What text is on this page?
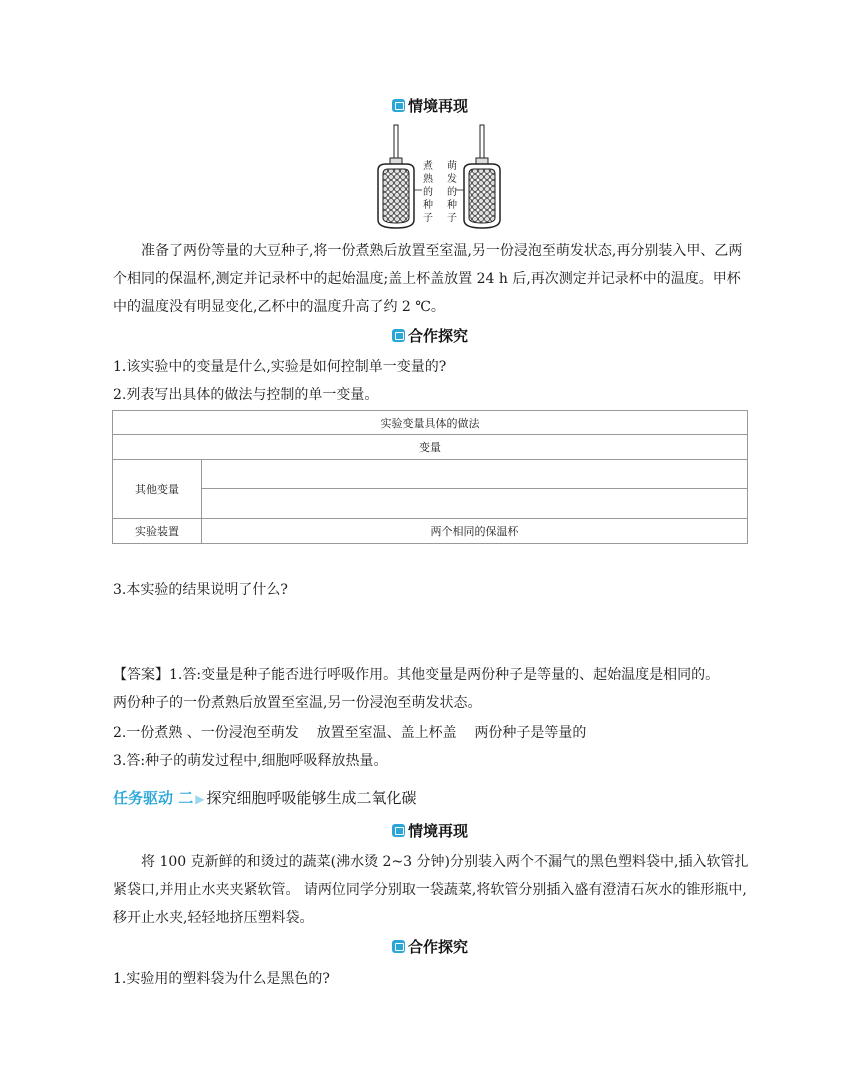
情境再现
煮熟的种子
萌发的种子
准备了两份等量的大豆种子,将一份煮熟后放置至室温,另一份浸泡至萌发状态,再分别装入甲、乙两个相同的保温杯,测定并记录杯中的起始温度;盖上杯盖放置 24 h 后,再次测定并记录杯中的温度。甲杯中的温度没有明显变化,乙杯中的温度升高了约 2 ℃。
合作探究
1.该实验中的变量是什么,实验是如何控制单一变量的?
2.列表写出具体的做法与控制的单一变量。
实验变量具体的做法	
变量	
其他变量	

实验装置	两个相同的保温杯
3.本实验的结果说明了什么?
【答案】1.答:变量是种子能否进行呼吸作用。其他变量是两份种子是等量的、起始温度是相同的。
两份种子的一份煮熟后放置至室温,另一份浸泡至萌发状态。
2.一份煮熟 、一份浸泡至萌发    放置至室温、盖上杯盖    两份种子是等量的
3.答:种子的萌发过程中,细胞呼吸释放热量。
任务驱动 二 ▶ 探究细胞呼吸能够生成二氧化碳
情境再现
将 100 克新鲜的和烫过的蔬菜(沸水烫 2~3 分钟)分别装入两个不漏气的黑色塑料袋中,插入软管扎紧袋口,并用止水夹夹紧软管。 请两位同学分别取一袋蔬菜,将软管分别插入盛有澄清石灰水的锥形瓶中,移开止水夹,轻轻地挤压塑料袋。
合作探究
1.实验用的塑料袋为什么是黑色的?
